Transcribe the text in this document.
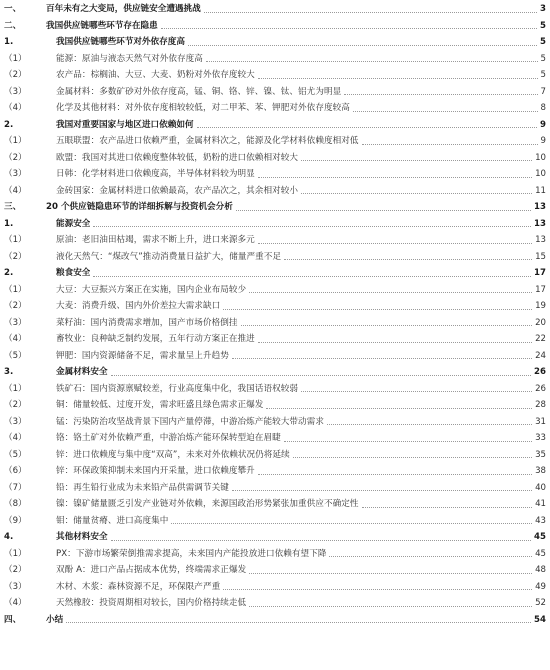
一、	百年未有之大变局，供应链安全遭遇挑战	3
二、	我国供应链哪些环节存在隐患	5
1.	我国供应链哪些环节对外依存度高	5
（1）	能源：原油与液态天然气对外依存度高	5
（2）	农产品：棕榈油、大豆、大麦、奶粉对外依存度较大	5
（3）	金属材料：多数矿砂对外依存度高，锰、铜、铬、锌、镍、钛、铝尤为明显	7
（4）	化学及其他材料：对外依存度相较较低，对二甲苯、苯、钾肥对外依存度较高	8
2.	我国对重要国家与地区进口依赖如何	9
（1）	五眼联盟：农产品进口依赖严重，金属材料次之，能源及化学材料依赖度相对低	9
（2）	欧盟：我国对其进口依赖度整体较低，奶粉的进口依赖相对较大	10
（3）	日韩：化学材料进口依赖度高，半导体材料较为明显	10
（4）	金砖国家：金属材料进口依赖最高，农产品次之，其余相对较小	11
三、	20 个供应链隐患环节的详细拆解与投资机会分析	13
1.	能源安全	13
（1）	原油：老旧油田枯竭，需求不断上升，进口来源多元	13
（2）	液化天然气：“煤改气”推动消费量日益扩大，储量严重不足	15
2.	粮食安全	17
（1）	大豆：大豆振兴方案正在实施，国内企业布局较少	17
（2）	大麦：消费升级、国内外价差拉大需求缺口	19
（3）	菜籽油：国内消费需求增加，国产市场价格倒挂	20
（4）	畜牧业：良种缺乏制约发展，五年行动方案正在推进	22
（5）	钾肥：国内资源储备不足，需求量呈上升趋势	24
3.	金属材料安全	26
（1）	铁矿石：国内资源禀赋较差，行业高度集中化，我国话语权较弱	26
（2）	铜：储量较低、过度开发，需求旺盛且绿色需求正爆发	28
（3）	锰：污染防治攻坚战背景下国内产量停滞，中游冶炼产能较大带动需求	31
（4）	铬：铬土矿对外依赖严重，中游冶炼产能环保转型迫在眉睫	33
（5）	锌：进口依赖度与集中度“双高”，未来对外依赖状况仍将延续	35
（6）	锌：环保政策抑制未来国内开采量，进口依赖度攀升	38
（7）	铅：再生铅行业成为未来铅产品供需调节关键	40
（8）	镍：镍矿储量匮乏引发产业链对外依赖，来源国政治形势紧张加重供应不确定性	41
（9）	钼：储量贫瘠、进口高度集中	43
4.	其他材料安全	45
（1）	PX：下游市场繁荣倒推需求提高，未来国内产能投放进口依赖有望下降	45
（2）	双酚 A：进口产品占据成本优势，终端需求正爆发	48
（3）	木材、木浆：森林资源不足，环保限产严重	49
（4）	天然橡胶：投资周期相对较长，国内价格持续走低	52
四、	小结	54
